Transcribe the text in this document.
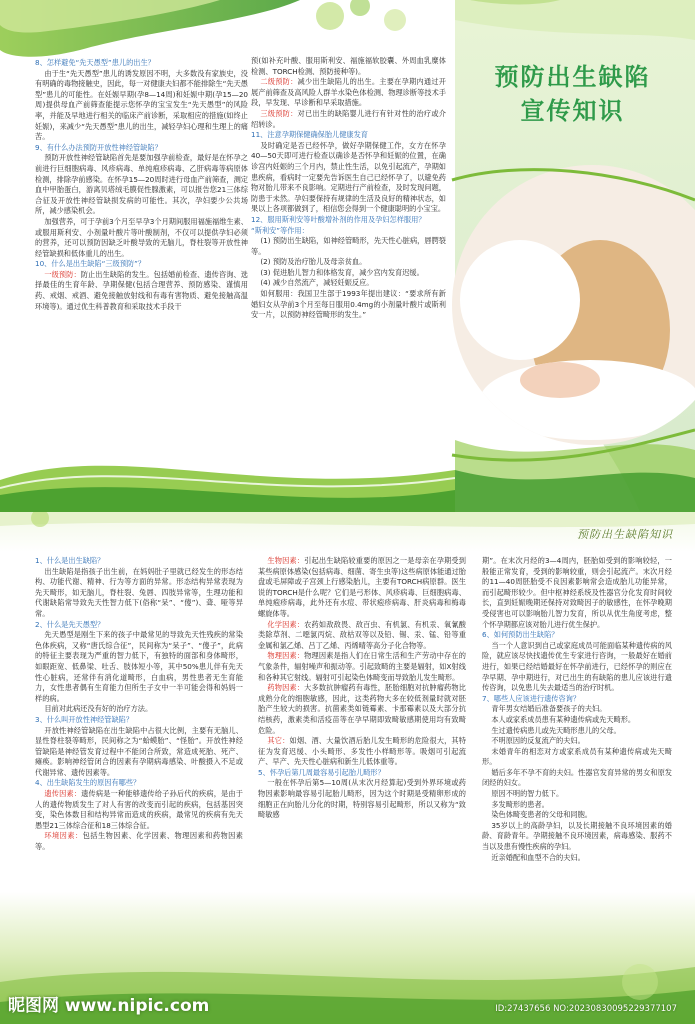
8、怎样避免“先天愚型”患儿的出生？

由于生“先天愚型”患儿的诱发原因不明，大多数没有家族史，没有明确的毒物接触史，因此，每一对健康夫妇都不能排除生“先天愚型”患儿的可能性。在妊娠早期(孕8—14周)和妊娠中期(孕15—20周)提供母血产前筛查能提示您怀孕的宝宝发生“先天愚型”的风险率，并能及早地进行相关的临床产前诊断，采取相应的措施(如终止妊娠)，来减少“先天愚型”患儿的出生，减轻孕妇心理和生理上的痛苦。

9、有什么办法预防开放性神经管缺陷？

预防开放性神经管缺陷首先是要加强孕前检查，最好是在怀孕之前进行巨细胞病毒、风疹病毒、单纯疱疹病毒、乙肝病毒等病原体检测，排除孕前感染。在怀孕15—20周时进行母血产前筛查，测定血中甲胎蛋白，游离贝塔绒毛膜促性腺激素，可以报告您21三体综合征及开放性神经管缺损发病的可能性。其次，孕妇要少公共场所，减少感染机会。

加强营养，可于孕前3个月至早孕3个月期间服用福施福维生素、或服用斯利安、小剂量叶酸片等叶酸制剂，不仅可以提供孕妇必须的营养，还可以预防因缺乏叶酸导致的无脑儿，脊柱裂等开放性神经管缺损和低体重儿的出生。

10、什么是出生缺陷“三级预防”？

一级预防：防止出生缺陷的发生。包括婚前检查、遗传咨询、选择最佳的生育年龄、孕期保健(包括合理营养、预防感染、谨慎用药、戒烟、戒酒、避免接触放射线和有毒有害物质、避免接触高温环境等)。通过优生科普教育和采取技术手段干

预(如补充叶酸、服用斯利安、福施福软胶囊、外周血乳糜体检测、TORCH检测、预防接种等)。

二级预防：减少出生缺陷儿的出生。主要在孕期内通过开展产前筛查及高风险人群羊水染色体检测、物理诊断等技术手段，早发现、早诊断和早采取措施。

三级预防：对已出生的缺陷婴儿进行有针对性的治疗或介绍转诊。

11、注意孕期保健确保胎儿健康发育

及时确定是否已经怀孕，做好孕期保健工作，女方在怀孕40—50天即可进行检查以确诊是否怀孕和妊娠的位置，在确诊宫内妊娠的三个月内，禁止性生活，以免引起流产，孕期如患疾病，看病时一定要先告诉医生自己已经怀孕了，以避免药物对胎儿带来不良影响。定期进行产前检查，及时发现问题，防患于未然。孕妇要保持有规律的生活及良好的精神状态，如果以上各项都做到了，相信您会得到一个健康聪明的小宝宝。

12、服用斯利安等叶酸增补剂的作用及孕妇怎样服用？

“斯利安”等作用：

(1) 预防出生缺陷，如神经管畸形，先天性心脏病，唇腭裂等。

(2) 预防及治疗胎儿及母亲贫血。

(3) 促进胎儿智力和体格发育，减少宫内发育迟缓。

(4) 减少自然流产，减轻妊娠反应。

如何服用：我国卫生部于1993年提出建议：“要求所有新婚妇女从孕前3个月至每日服用0.4mg的小剂量叶酸片或斯利安一片，以预防神经管畸形的发生。”

预防出生缺陷
宣传知识
预防出生缺陷知识

1、什么是出生缺陷？

出生缺陷是指孩子出生前，在妈妈肚子里就已经发生的形态结构、功能代谢、精神、行为等方面的异常。形态结构异常表现为先天畸形，如无脑儿，脊柱裂、兔唇、四肢异常等，生理功能和代谢缺陷常导致先天性智力低下(俗称“呆”、“傻”)、聋、哑等异常。

2、什么是先天愚型？

先天愚型是刚生下来的孩子中最常见的导致先天性残疾的常染色体疾病，又称“唐氏综合征”，民间称为“呆子”、“傻子”，此病的特征主要表现为严重的智力低下，有独特的面部和身体畸形，如眼距宽、低鼻梁、吐舌、肢体短小等，其中50%患儿伴有先天性心脏病，还常伴有消化道畸形，白血病，男性患者无生育能力，女性患者偶有生育能力但所生子女中一半可能会得和妈妈一样的病。

目前对此病还没有好的治疗方法。

3、什么叫开放性神经管缺陷？

开放性神经管缺陷在出生缺陷中占很大比例，主要有无脑儿、显性脊柱裂等畸形，民间称之为“蛤蟆胎”、“怪胎”。开放性神经管缺陷是神经管发育过程中不能闭合所致，常造成死胎、死产、瘫痪。影响神经管闭合的因素有孕期病毒感染、叶酸摄入不足或代谢异常、遗传因素等。

4、出生缺陷发生的原因有哪些？

遗传因素：遗传病是一种能够遗传给子孙后代的疾病，是由于人的遗传物质发生了对人有害的改变而引起的疾病，包括基因突变，染色体数目和结构异常而造成的疾病，最常见的疾病有先天愚型21三体综合征和18三体综合征。

环境因素：包括生物因素、化学因素、物理因素和药物因素等。

生物因素：引起出生缺陷较重要的原因之一是母亲在孕期受到某些病原体感染(包括病毒、细菌、寄生虫等)这些病原体能通过胎盘或毛屏障或子宫颈上行感染胎儿，主要有TORCH病原群。医生说的TORCH是什么呢？它们是弓形体、风疹病毒、巨细胞病毒、单纯疱疹病毒，此外还有水痘、带状疱疹病毒、肝炎病毒和梅毒螺旋体等。

化学因素：农药如敌敌畏、敌百虫、有机氯、有机汞、氧氰酸类除草剂、二噁氯丙烷、敌枯双等以及铅、锡、汞、锰、铅等重金属和氯乙烯、吕丁乙烯、丙烯晴等高分子化合物等。

物理因素：物理因素是指人们在日常生活和生产劳动中存在的气象条件，辐射噪声和振动等。引起致畸的主要是辐射，如X射线和各种其它射线。辐射可引起染色体畸变而导致胎儿发生畸形。

药物因素：大多数抗肿瘤药有毒性，胚胎细胞对抗肿瘤药物比成熟分化的细胞敏感，因此，这类药物大多在较低剂量时就对胚胎产生较大的损害。抗菌素类如链霉素、卡那霉素以及大部分抗结核药，激素类和活疫苗等在孕早期即致畸敏感期使用均有致畸危险。

其它：如烟、酒、大量饮酒后胎儿发生畸形的危险很大，其特征为发育迟缓、小头畸形、多发性小样畸形等。吸烟可引起流产、早产、先天性心脏病和新生儿低体重等。

5、怀孕后第几周最容易引起胎儿畸形？

一般在怀孕后第5—10周(从末次月经算起)受到外界环境或药物因素影响最容易引起胎儿畸形，因为这个时期是受精卵形成的细胞正在向胎儿分化的时期，特别容易引起畸形，所以又称为“致畸敏感

期”。在末次月经的3—4周内，胚胎如受到的影响较轻，一般能正常发育，受到的影响较重，则会引起流产。末次月经的11—40周胚胎受不良因素影响常会造成胎儿功能异常，而引起畸形较少。但中枢神经系统及性器官分化发育时间较长，直到妊娠晚期还保持对致畸因子的敏感性，在怀孕晚期受侵害也可以影响胎儿智力发育，所以从优生角度考虑，整个怀孕期都应该对胎儿进行优生保护。

6、如何预防出生缺陷？

当一个人意识到自己或家庭成员可能面临某种遗传病的风险，就应该尽快找遗传优生专家进行咨询，一般最好在婚前进行，如果已经结婚最好在怀孕前进行，已经怀孕的则应在孕早期、孕中期进行，对已出生的有缺陷的患儿应该进行遗传咨询，以免患儿失去最适当的治疗时机。

7、哪些人应该进行遗传咨询？

青年男女结婚后准备要孩子的夫妇。

本人或家系成员患有某种遗传病或先天畸形。

生过遗传病患儿或先天畸形患儿的父母。

不明原因的反复流产的夫妇。

未婚青年的相恋对方或家系成员有某种遗传病或先天畸形。

婚后多年不孕不育的夫妇。性器官发育异常的男女和原发闭经的妇女。

原因不明的智力低下。

多发畸形的患者。

染色体畸变患者的父母和同胞。

35岁以上的高龄孕妇，以及长期接触不良环境因素的婚龄、育龄青年。孕期接触不良环境因素，病毒感染、服药不当以及患有慢性疾病的孕妇。

近亲婚配和血型不合的夫妇。

昵图网 www.nipic.com	ID:27437656 NO:20230830095229377107
